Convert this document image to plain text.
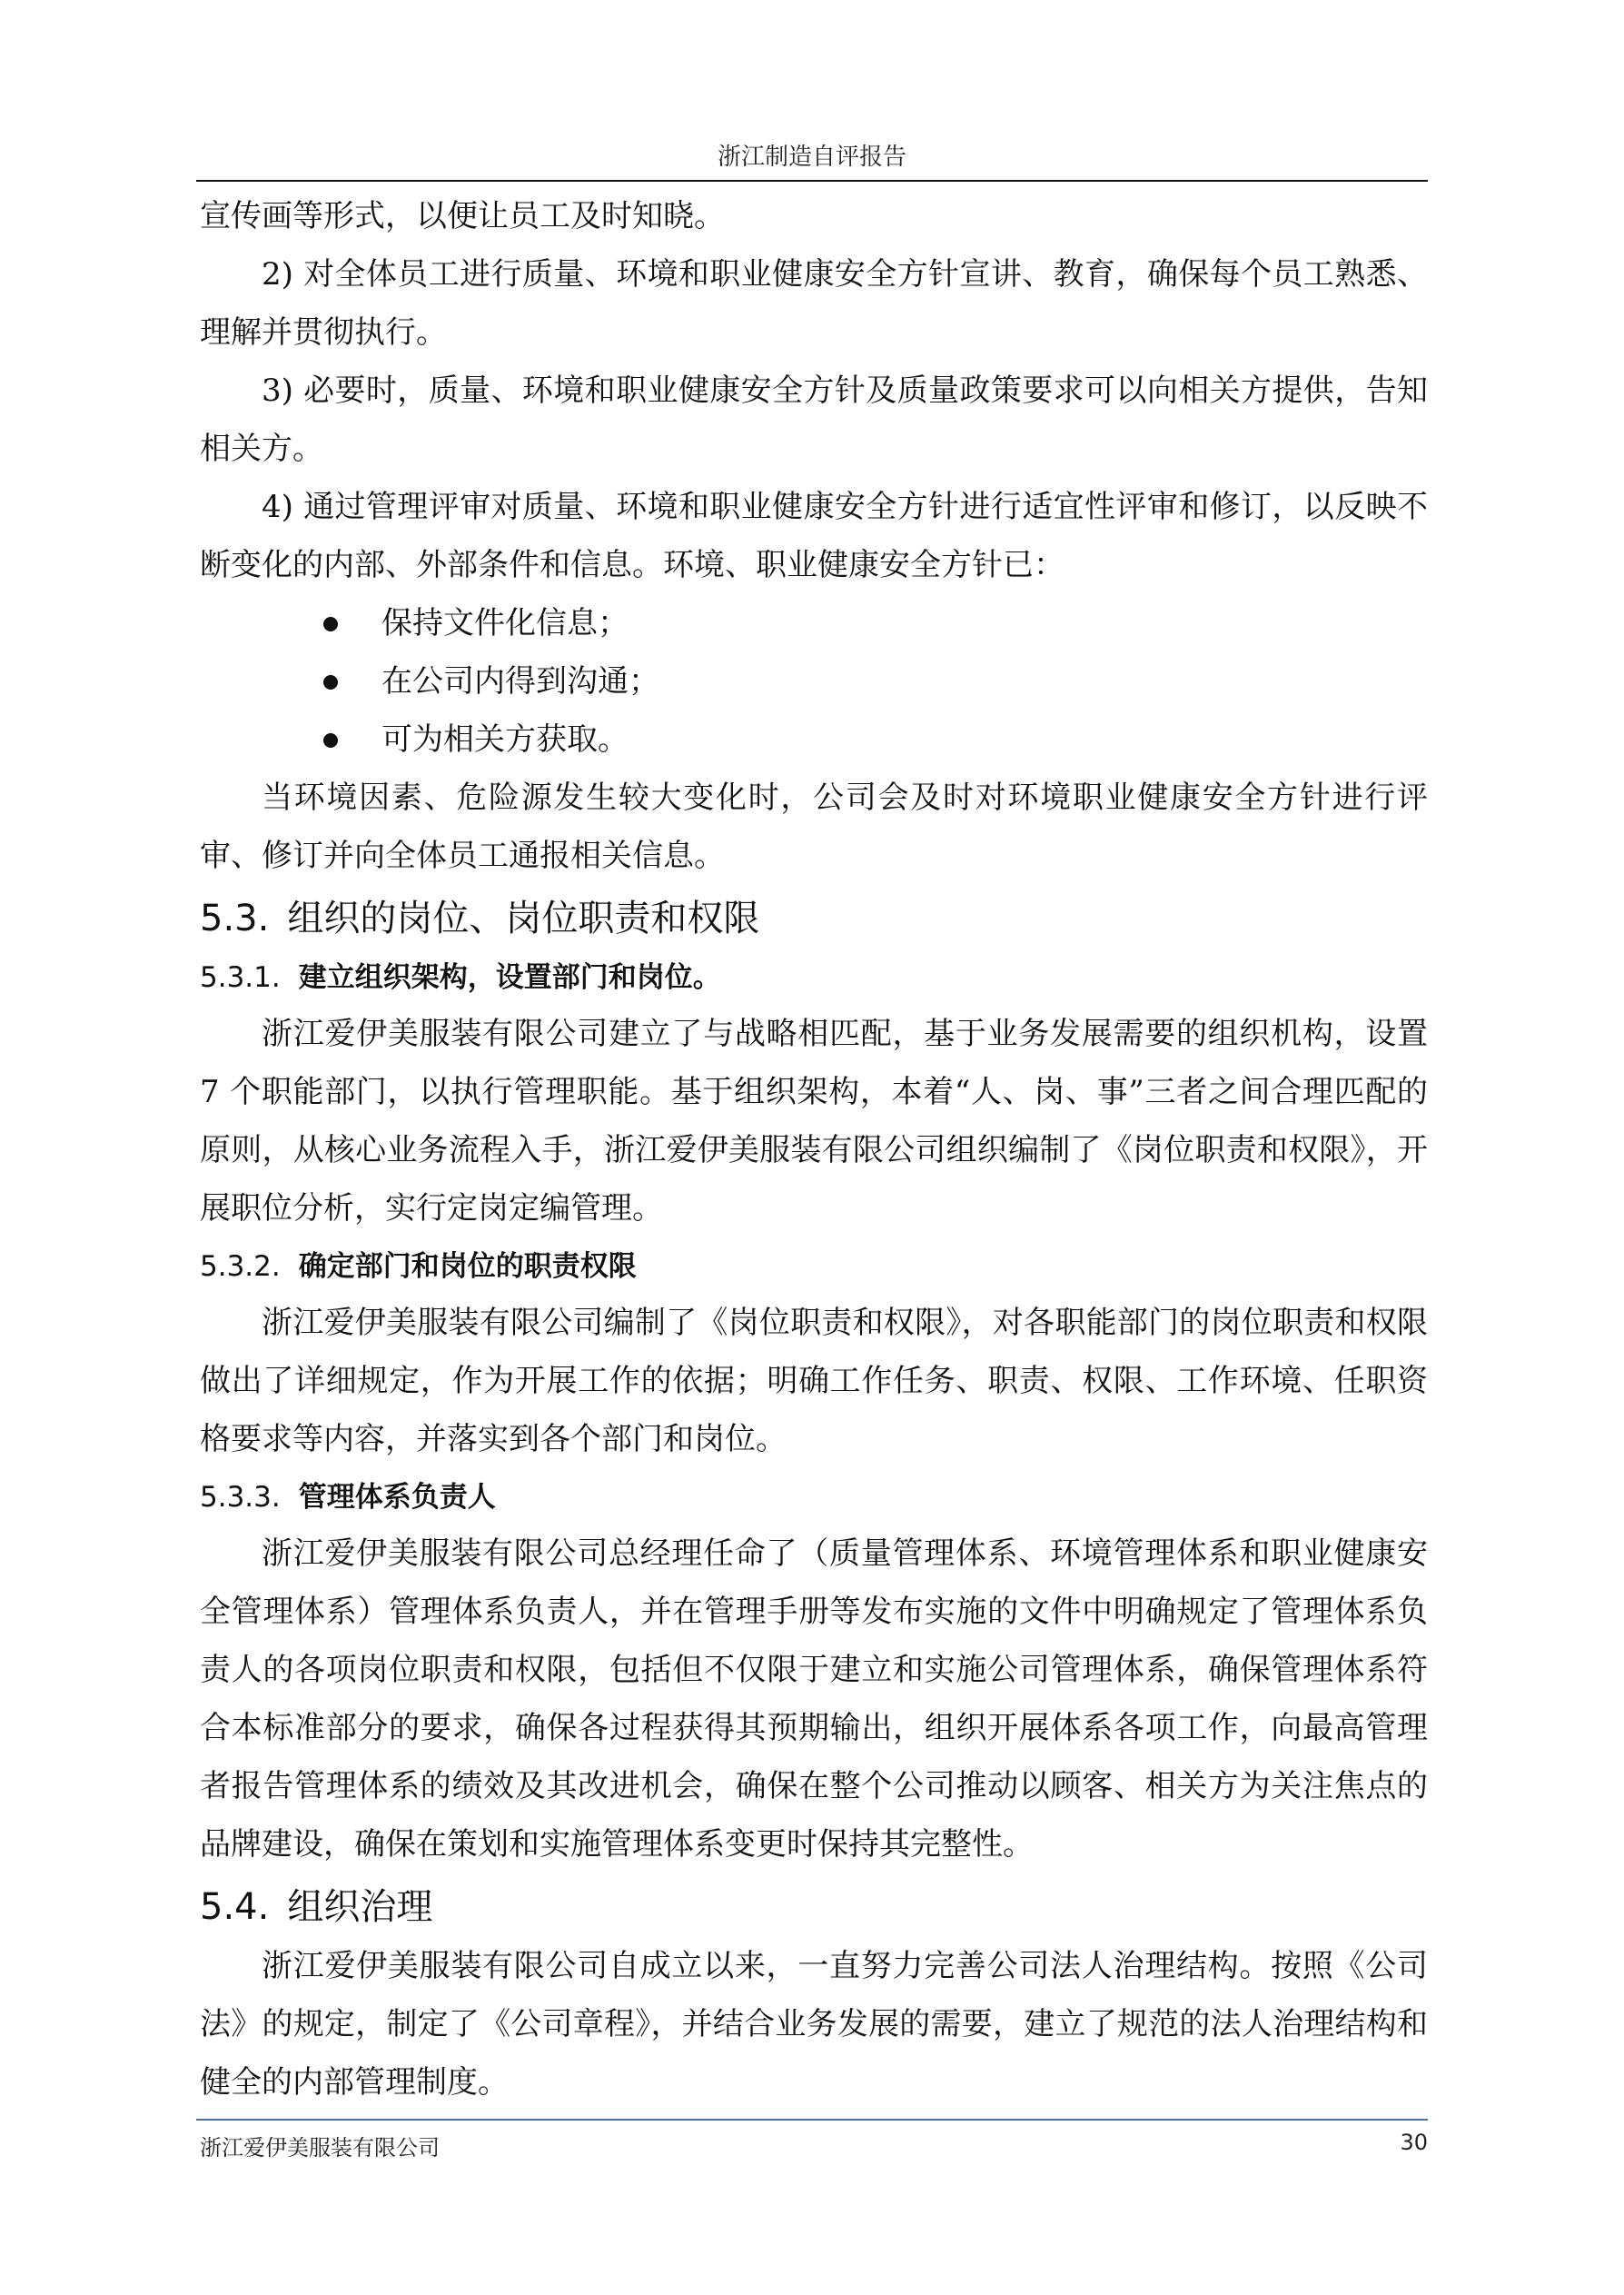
浙江制造自评报告

宣传画等形式，以便让员工及时知晓。

2) 对全体员工进行质量、环境和职业健康安全方针宣讲、教育，确保每个员工熟悉、理解并贯彻执行。

3) 必要时，质量、环境和职业健康安全方针及质量政策要求可以向相关方提供，告知相关方。

4) 通过管理评审对质量、环境和职业健康安全方针进行适宜性评审和修订，以反映不断变化的内部、外部条件和信息。环境、职业健康安全方针已：

保持文件化信息；
在公司内得到沟通；
可为相关方获取。

当环境因素、危险源发生较大变化时，公司会及时对环境职业健康安全方针进行评审、修订并向全体员工通报相关信息。

5.3. 组织的岗位、岗位职责和权限
5.3.1. 建立组织架构，设置部门和岗位。

浙江爱伊美服装有限公司建立了与战略相匹配，基于业务发展需要的组织机构，设置 7 个职能部门，以执行管理职能。基于组织架构，本着“人、岗、事”三者之间合理匹配的原则，从核心业务流程入手，浙江爱伊美服装有限公司组织编制了《岗位职责和权限》，开展职位分析，实行定岗定编管理。

5.3.2. 确定部门和岗位的职责权限

浙江爱伊美服装有限公司编制了《岗位职责和权限》，对各职能部门的岗位职责和权限做出了详细规定，作为开展工作的依据；明确工作任务、职责、权限、工作环境、任职资格要求等内容，并落实到各个部门和岗位。

5.3.3. 管理体系负责人

浙江爱伊美服装有限公司总经理任命了（质量管理体系、环境管理体系和职业健康安全管理体系）管理体系负责人，并在管理手册等发布实施的文件中明确规定了管理体系负责人的各项岗位职责和权限，包括但不仅限于建立和实施公司管理体系，确保管理体系符合本标准部分的要求，确保各过程获得其预期输出，组织开展体系各项工作，向最高管理者报告管理体系的绩效及其改进机会，确保在整个公司推动以顾客、相关方为关注焦点的品牌建设，确保在策划和实施管理体系变更时保持其完整性。

5.4. 组织治理

浙江爱伊美服装有限公司自成立以来，一直努力完善公司法人治理结构。按照《公司法》的规定，制定了《公司章程》，并结合业务发展的需要，建立了规范的法人治理结构和健全的内部管理制度。

浙江爱伊美服装有限公司	30
